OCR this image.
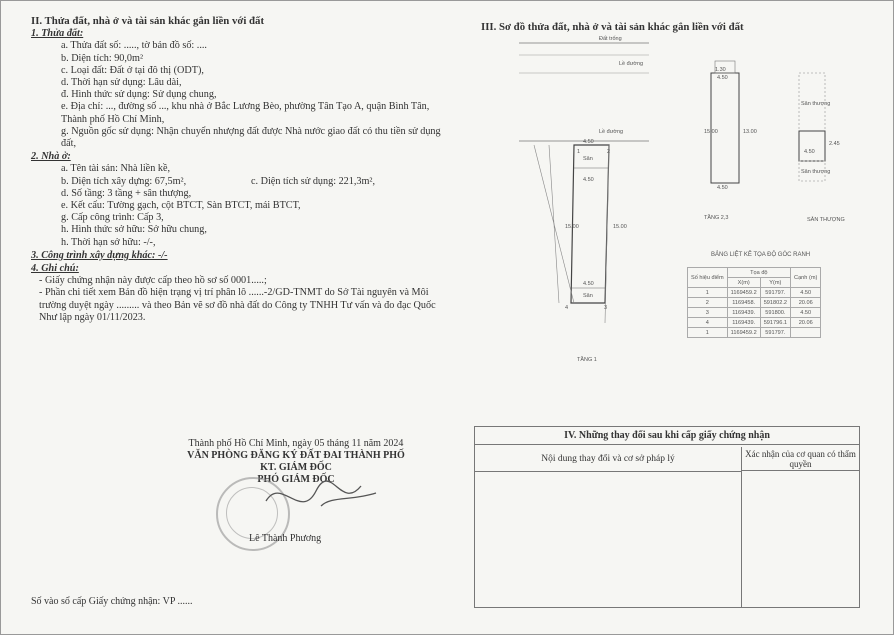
II. Thửa đất, nhà ở và tài sản khác gắn liền với đất
1. Thửa đất:
a. Thửa đất số: ....., tờ bản đồ số: ....
b. Diện tích: 90,0m²
c. Loại đất: Đất ở tại đô thị (ODT),
d. Thời hạn sử dụng: Lâu dài,
đ. Hình thức sử dụng: Sử dụng chung,
e. Địa chỉ: ..., đường số ..., khu nhà ở Bắc Lương Bèo, phường Tân Tạo A, quận Bình Tân, Thành phố Hồ Chí Minh,
g. Nguồn gốc sử dụng: Nhận chuyển nhượng đất được Nhà nước giao đất có thu tiền sử dụng đất,
2. Nhà ở:
a. Tên tài sản: Nhà liền kề,
b. Diện tích xây dựng: 67,5m²,	c. Diện tích sử dụng: 221,3m²,
d. Số tầng: 3 tầng + sân thượng,
e. Kết cấu: Tường gạch, cột BTCT, Sàn BTCT, mái BTCT,
g. Cấp công trình: Cấp 3,
h. Hình thức sở hữu: Sở hữu chung,
h. Thời hạn sở hữu: -/-,
3. Công trình xây dựng khác: -/-
4. Ghi chú:
- Giấy chứng nhận này được cấp theo hồ sơ số 0001.....;
- Phần chi tiết xem Bản đồ hiện trạng vị trí phân lô ......-2/GD-TNMT do Sở Tài nguyên và Môi trường duyệt ngày ......... và theo Bản vẽ sơ đồ nhà đất do Công ty TNHH Tư vấn và đo đạc Quốc Như lập ngày 01/11/2023.
Thành phố Hồ Chí Minh, ngày 05 tháng 11 năm 2024
VĂN PHÒNG ĐĂNG KÝ ĐẤT ĐAI THÀNH PHỐ
KT. GIÁM ĐỐC
PHÓ GIÁM ĐỐC
Lê Thành Phương
Số vào sổ cấp Giấy chứng nhận: VP ......
III. Sơ đồ thửa đất, nhà ở và tài sản khác gắn liền với đất
Đất trống
Lề đường
Lề đường
Sân
Sân
4.50
4.50
4.50
15.00	15.00
1	2
3
4
TẦNG 1
1.30
4.50
4.50
15.00	13.00
TẦNG 2,3
Sân thượng
Sân thượng
4.50
2.45
SÂN THƯỢNG
BẢNG LIỆT KÊ TỌA ĐỘ GÓC RANH
Số hiệu điểm	Tọa độ		Cạnh (m)
	X(m)	Y(m)	
1	1169459.2	591797.	4.50
2	1169458.	591802.2	20.06
3	1169439.	591800.	4.50
4	1169439.	591796.1	20.06
1	1169459.2	591797.	
IV. Những thay đổi sau khi cấp giấy chứng nhận
Nội dung thay đổi và cơ sở pháp lý	Xác nhận của cơ quan có thẩm quyền
